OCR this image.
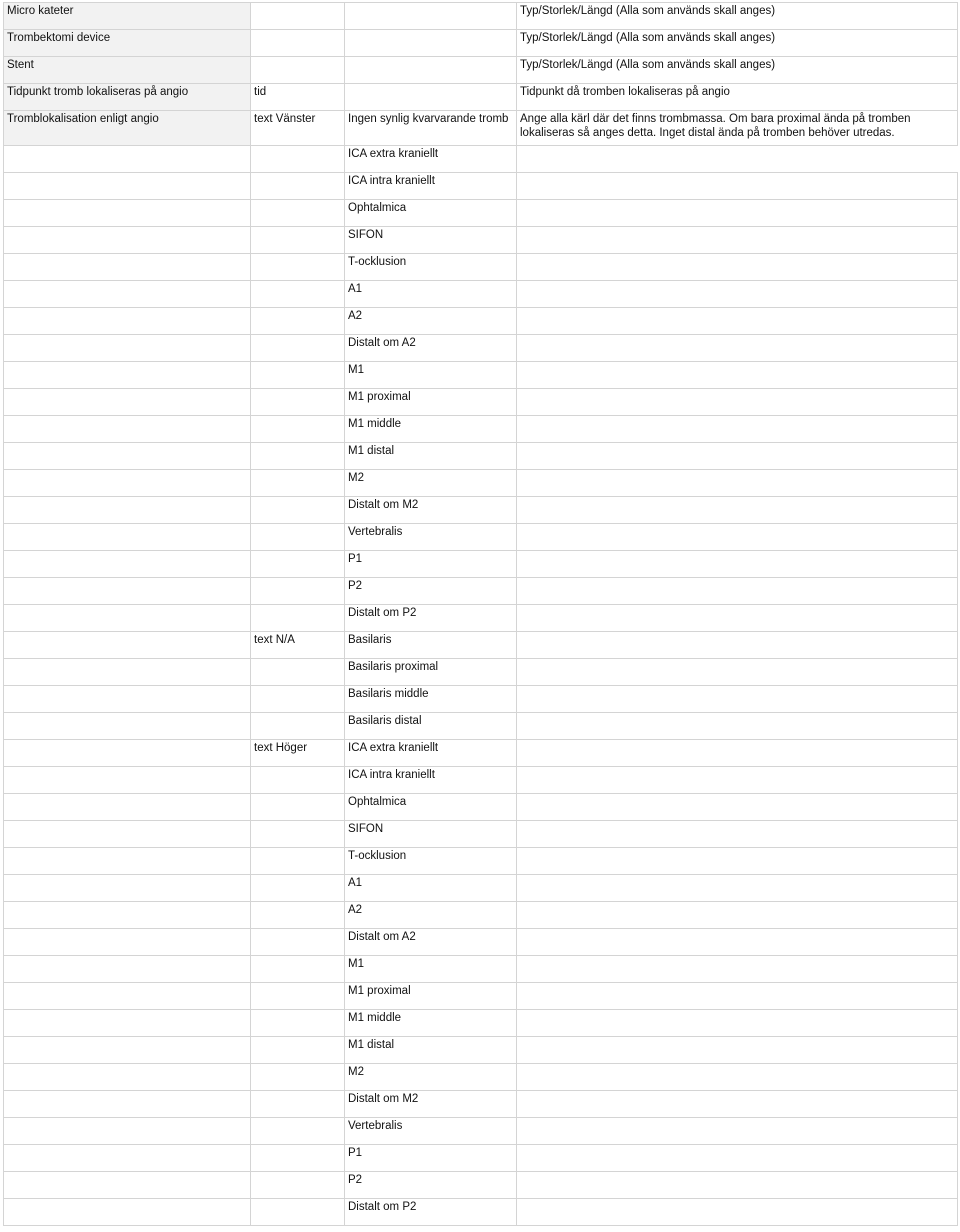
Micro kateter			Typ/Storlek/Längd (Alla som används skall anges)
Trombektomi device			Typ/Storlek/Längd (Alla som används skall anges)
Stent			Typ/Storlek/Längd (Alla som används skall anges)
Tidpunkt tromb lokaliseras på angio	tid		Tidpunkt då tromben lokaliseras på angio
Tromblokalisation enligt angio	text Vänster	Ingen synlig kvarvarande tromb	Ange alla kärl där det finns trombmassa. Om bara proximal ända på tromben lokaliseras så anges detta. Inget distal ända på tromben behöver utredas.
		ICA extra kraniellt	
		ICA intra kraniellt	
		Ophtalmica	
		SIFON	
		T-ocklusion	
		A1	
		A2	
		Distalt om A2	
		M1	
		M1 proximal	
		M1 middle	
		M1 distal	
		M2	
		Distalt om M2	
		Vertebralis	
		P1	
		P2	
		Distalt om P2	
	text N/A	Basilaris	
		Basilaris proximal	
		Basilaris middle	
		Basilaris distal	
	text Höger	ICA extra kraniellt	
		ICA intra kraniellt	
		Ophtalmica	
		SIFON	
		T-ocklusion	
		A1	
		A2	
		Distalt om A2	
		M1	
		M1 proximal	
		M1 middle	
		M1 distal	
		M2	
		Distalt om M2	
		Vertebralis	
		P1	
		P2	
		Distalt om P2	
